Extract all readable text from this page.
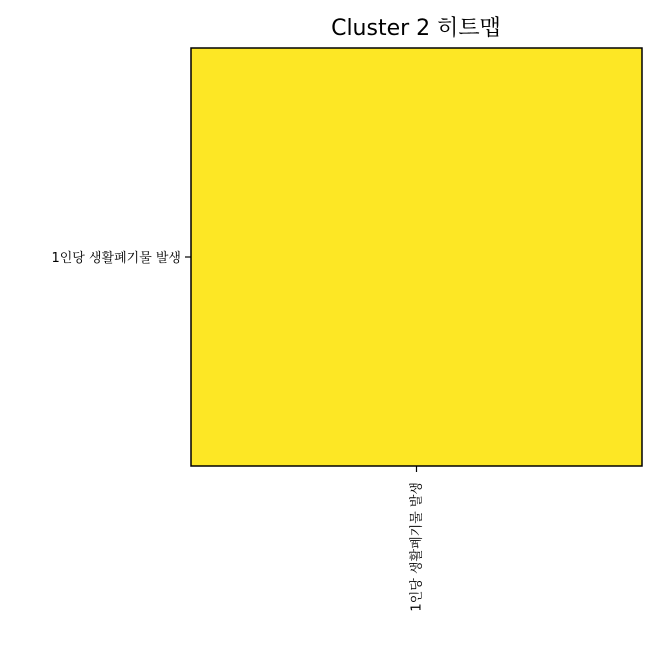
Cluster 2 히트맵
1인당 생활폐기물 발생
1인당 생활폐기물 발생
